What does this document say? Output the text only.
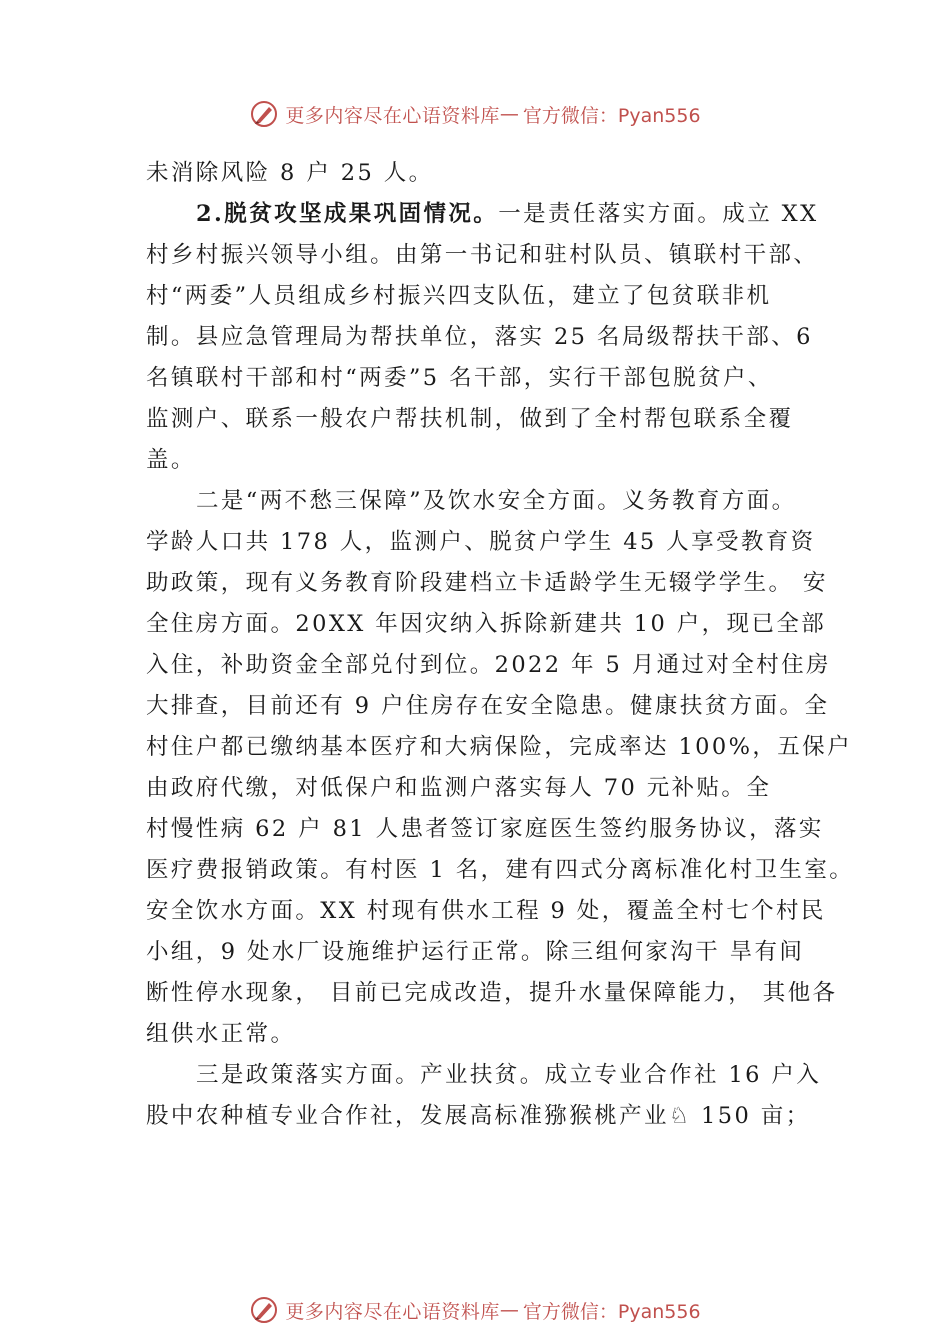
更多内容尽在心语资料库 — 官方微信：Pyan556
未消除风险 8 户 25 人。
2.脱贫攻坚成果巩固情况。一是责任落实方面。成立 XX
村乡村振兴领导小组。由第一书记和驻村队员、镇联村干部、
村“两委”人员组成乡村振兴四支队伍，建立了包贫联非机
制。县应急管理局为帮扶单位，落实 25 名局级帮扶干部、6
名镇联村干部和村“两委”5 名干部，实行干部包脱贫户、
监测户、联系一般农户帮扶机制，做到了全村帮包联系全覆
盖。
二是“两不愁三保障”及饮水安全方面。义务教育方面。
学龄人口共 178 人，监测户、脱贫户学生 45 人享受教育资
助政策，现有义务教育阶段建档立卡适龄学生无辍学学生。 安
全住房方面。20XX 年因灾纳入拆除新建共 10 户，现已全部
入住，补助资金全部兑付到位。2022 年 5 月通过对全村住房
大排查，目前还有 9 户住房存在安全隐患。健康扶贫方面。全
村住户都已缴纳基本医疗和大病保险，完成率达 100%，五保户
由政府代缴，对低保户和监测户落实每人 70 元补贴。全
村慢性病 62 户 81 人患者签订家庭医生签约服务协议，落实
医疗费报销政策。有村医 1 名，建有四式分离标准化村卫生室。
安全饮水方面。XX 村现有供水工程 9 处，覆盖全村七个村民
小组，9 处水厂设施维护运行正常。除三组何家沟干 旱有间
断性停水现象， 目前已完成改造，提升水量保障能力， 其他各
组供水正常。
三是政策落实方面。产业扶贫。成立专业合作社 16 户入
股中农种植专业合作社，发展高标准猕猴桃产业♘ 150 亩；
更多内容尽在心语资料库 — 官方微信：Pyan556
